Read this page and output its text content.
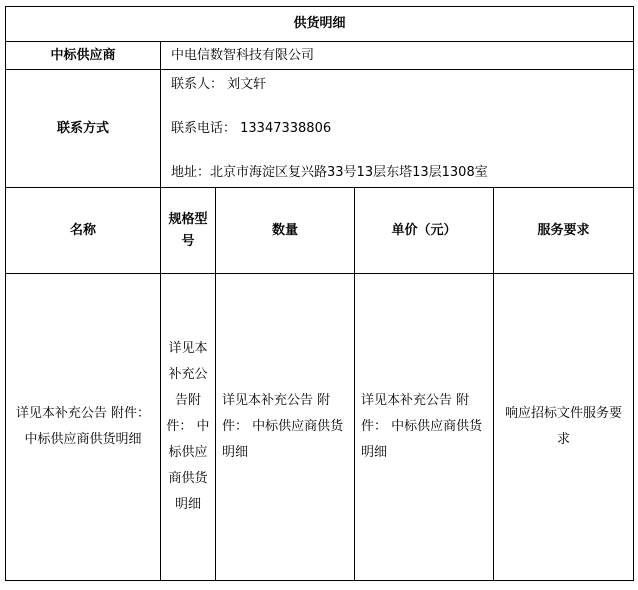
供货明细				
中标供应商	中电信数智科技有限公司			
联系方式	联系人： 刘文轩
联系电话： 13347338806
地址：北京市海淀区复兴路33号13层东塔13层1308室			

名称	规格型号	数量	单价（元）	服务要求

详见本补充公告 附件： 中标供应商供货明细	详见本补充公告附件： 中标供应商供货明细	详见本补充公告 附件： 中标供应商供货明细	详见本补充公告 附件： 中标供应商供货明细	响应招标文件服务要求
